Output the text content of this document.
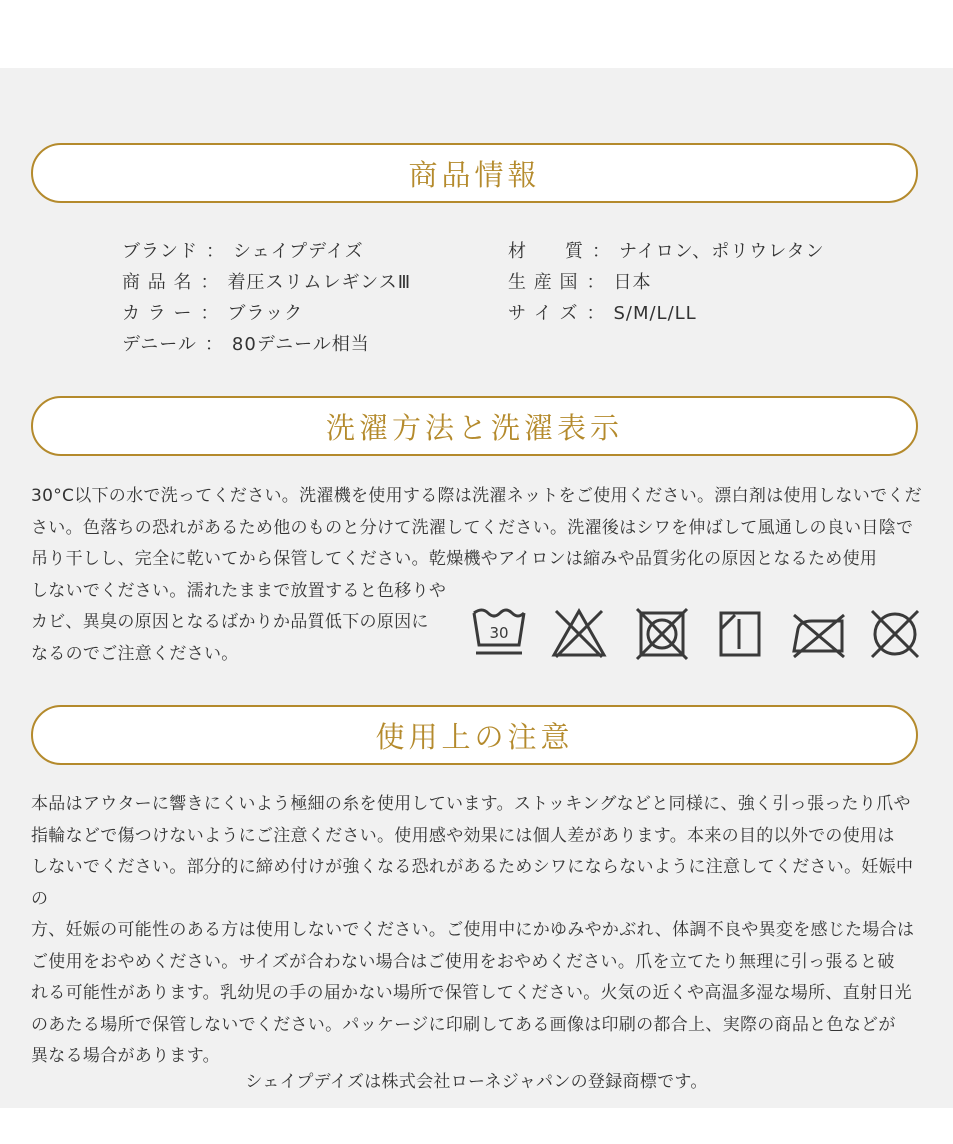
商品情報
ブランド ： シェイプデイズ
商 品 名 ： 着圧スリムレギンスⅢ
カ ラ ー ： ブラック
デニール ： 80デニール相当
材　　質 ： ナイロン、ポリウレタン
生 産 国 ： 日本
サ イ ズ ： S/M/L/LL
洗濯方法と洗濯表示
30°C以下の水で洗ってください。洗濯機を使用する際は洗濯ネットをご使用ください。漂白剤は使用しないでくだ
さい。色落ちの恐れがあるため他のものと分けて洗濯してください。洗濯後はシワを伸ばして風通しの良い日陰で
吊り干しし、完全に乾いてから保管してください。乾燥機やアイロンは縮みや品質劣化の原因となるため使用
しないでください。濡れたままで放置すると色移りや
カビ、異臭の原因となるばかりか品質低下の原因に
なるのでご注意ください。
30
使用上の注意
本品はアウターに響きにくいよう極細の糸を使用しています。ストッキングなどと同様に、強く引っ張ったり爪や
指輪などで傷つけないようにご注意ください。使用感や効果には個人差があります。本来の目的以外での使用は
しないでください。部分的に締め付けが強くなる恐れがあるためシワにならないように注意してください。妊娠中の
方、妊娠の可能性のある方は使用しないでください。ご使用中にかゆみやかぶれ、体調不良や異変を感じた場合は
ご使用をおやめください。サイズが合わない場合はご使用をおやめください。爪を立てたり無理に引っ張ると破
れる可能性があります。乳幼児の手の届かない場所で保管してください。火気の近くや高温多湿な場所、直射日光
のあたる場所で保管しないでください。パッケージに印刷してある画像は印刷の都合上、実際の商品と色などが
異なる場合があります。
シェイプデイズは株式会社ローネジャパンの登録商標です。
